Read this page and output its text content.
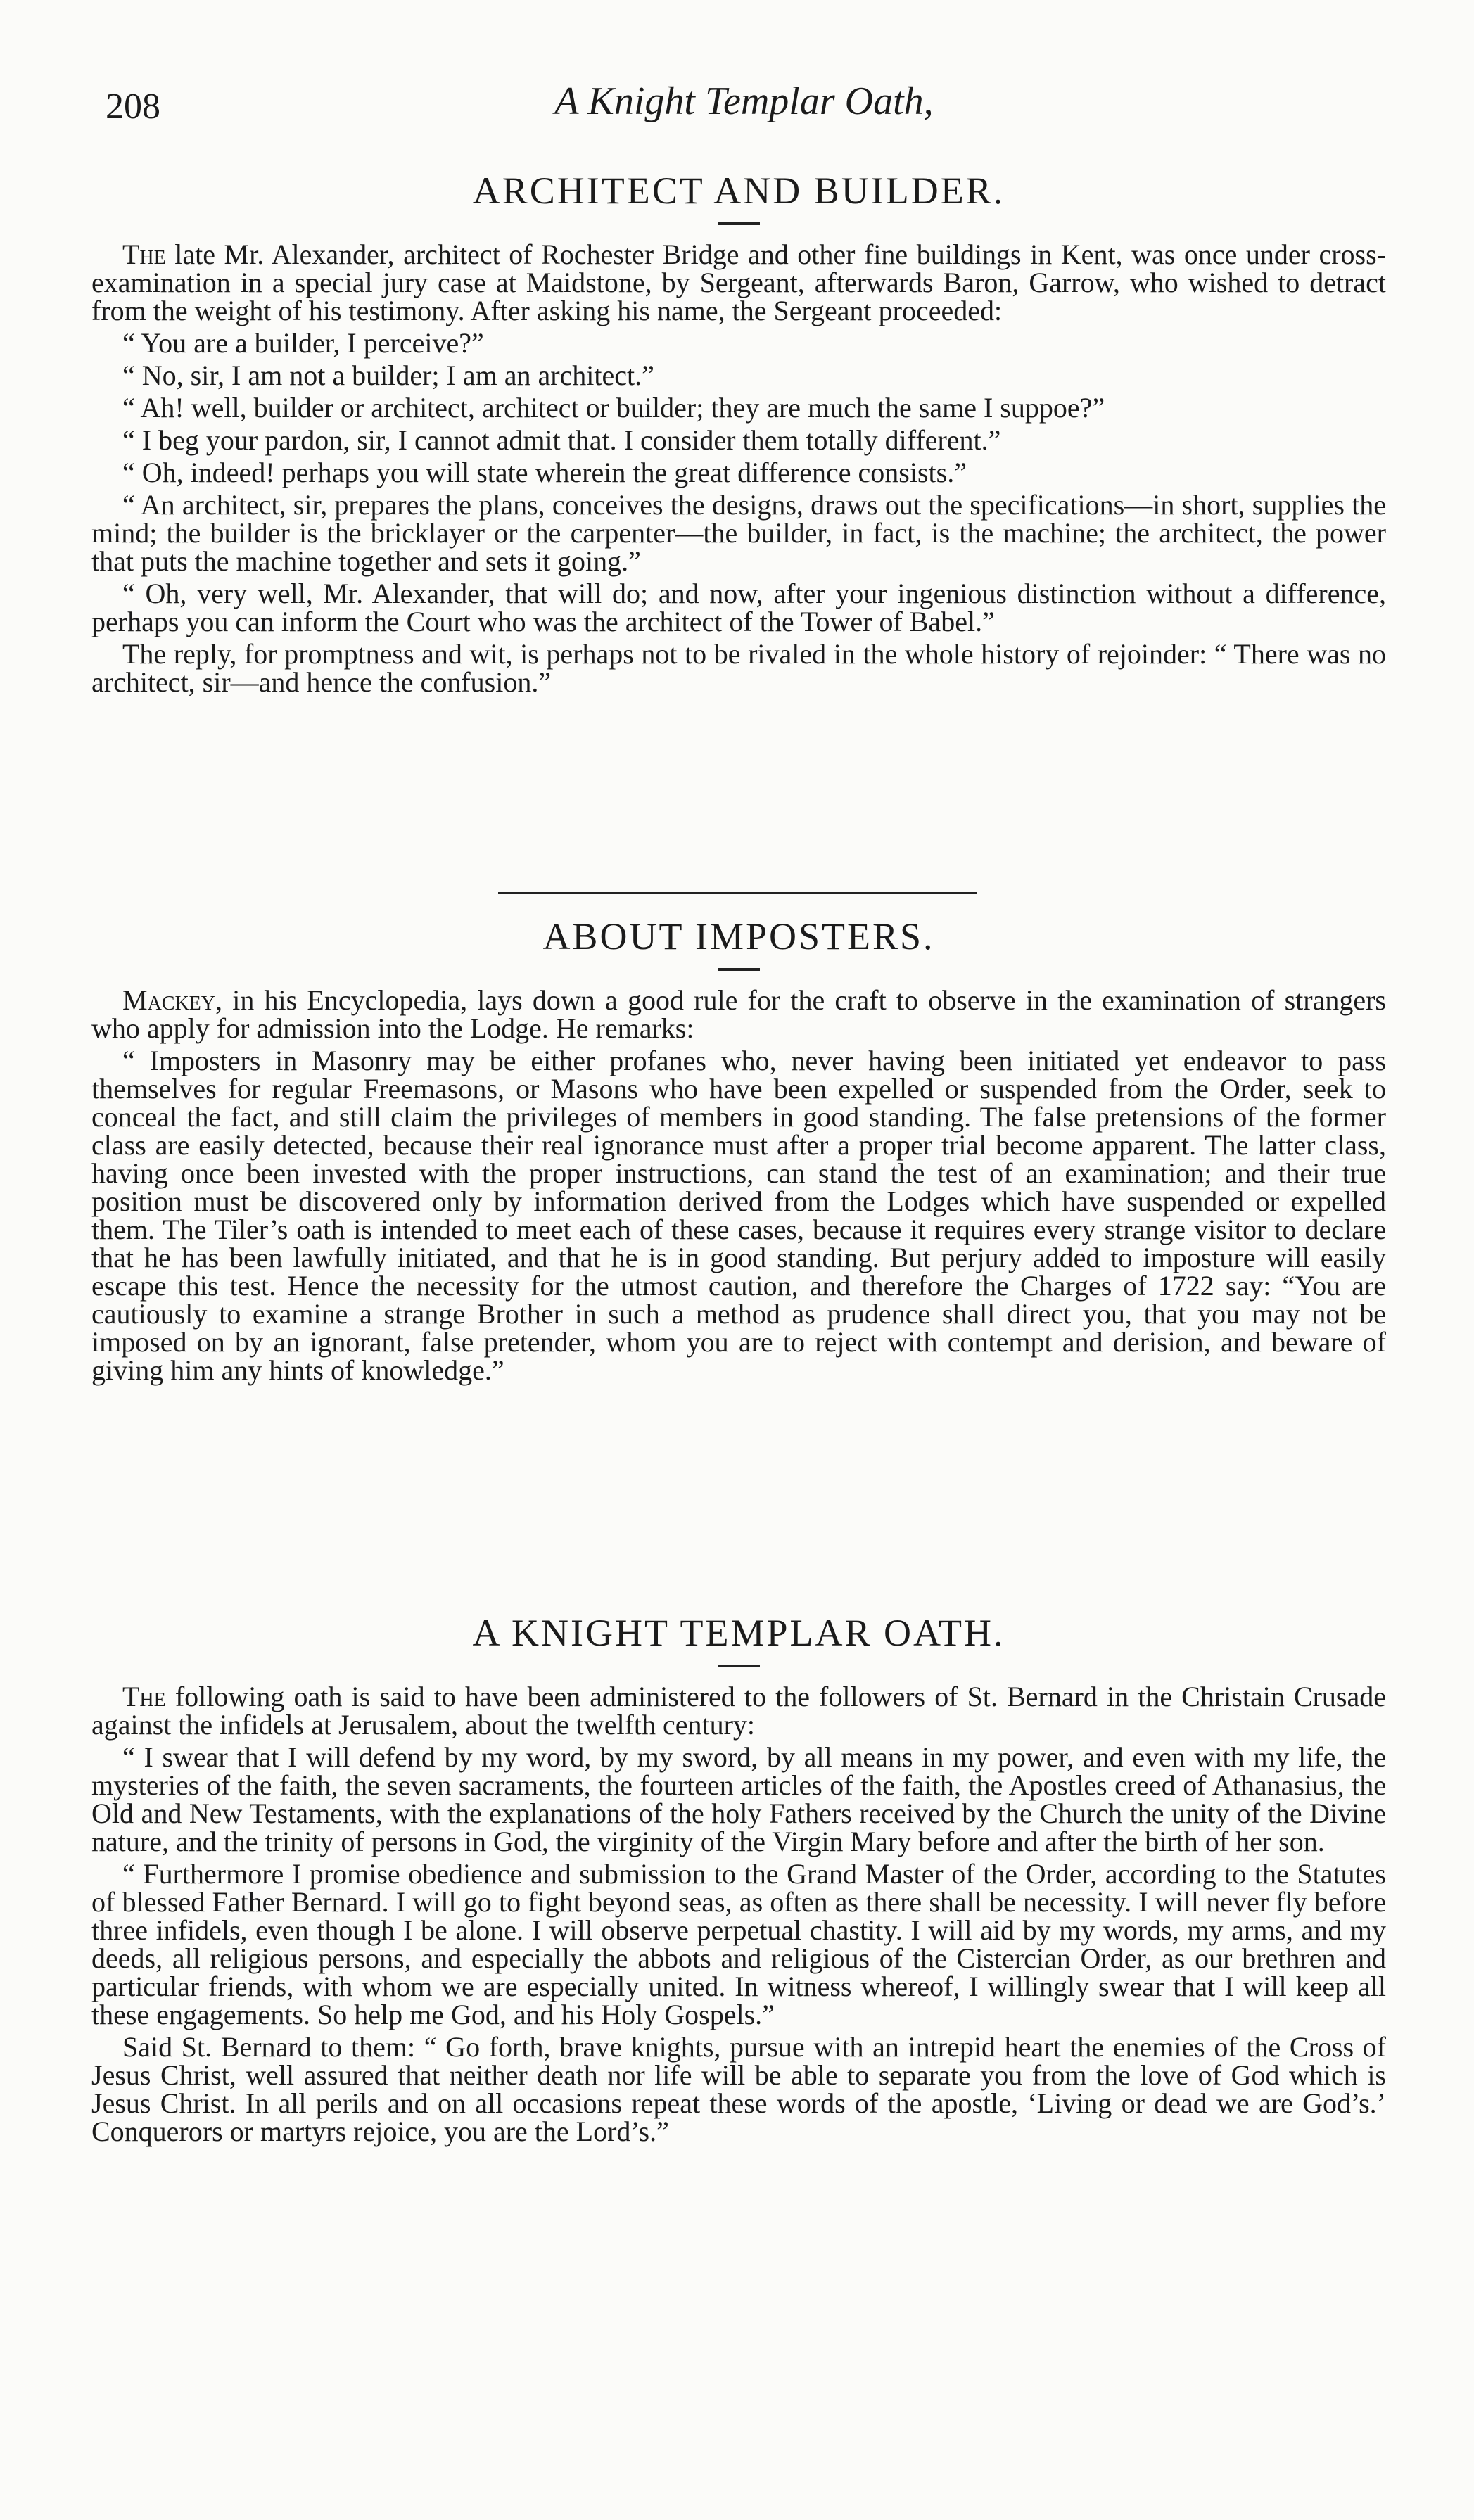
208	A Knight Templar Oath,
ARCHITECT AND BUILDER.

The late Mr. Alexander, architect of Rochester Bridge and other fine buildings in Kent, was once under cross-examination in a special jury case at Maidstone, by Sergeant, afterwards Baron, Garrow, who wished to detract from the weight of his testimony. After asking his name, the Sergeant proceeded:

“ You are a builder, I perceive?”

“ No, sir, I am not a builder; I am an architect.”

“ Ah! well, builder or architect, architect or builder; they are much the same I suppoe?”

“ I beg your pardon, sir, I cannot admit that. I consider them totally different.”

“ Oh, indeed! perhaps you will state wherein the great difference consists.”

“ An architect, sir, prepares the plans, conceives the designs, draws out the specifications—in short, supplies the mind; the builder is the bricklayer or the carpenter—the builder, in fact, is the machine; the architect, the power that puts the machine together and sets it going.”

“ Oh, very well, Mr. Alexander, that will do; and now, after your ingenious distinction without a difference, perhaps you can inform the Court who was the architect of the Tower of Babel.”

The reply, for promptness and wit, is perhaps not to be rivaled in the whole history of rejoinder: “ There was no architect, sir—and hence the confusion.”

ABOUT IMPOSTERS.

Mackey, in his Encyclopedia, lays down a good rule for the craft to observe in the examination of strangers who apply for admission into the Lodge. He remarks:

“ Imposters in Masonry may be either profanes who, never having been initiated yet endeavor to pass themselves for regular Freemasons, or Masons who have been expelled or suspended from the Order, seek to conceal the fact, and still claim the privileges of members in good standing. The false pretensions of the former class are easily detected, because their real ignorance must after a proper trial become apparent. The latter class, having once been invested with the proper instructions, can stand the test of an examination; and their true position must be discovered only by information derived from the Lodges which have suspended or expelled them. The Tiler’s oath is intended to meet each of these cases, because it requires every strange visitor to declare that he has been lawfully initiated, and that he is in good standing. But perjury added to imposture will easily escape this test. Hence the necessity for the utmost caution, and therefore the Charges of 1722 say: “You are cautiously to examine a strange Brother in such a method as prudence shall direct you, that you may not be imposed on by an ignorant, false pretender, whom you are to reject with contempt and derision, and beware of giving him any hints of knowledge.”

A KNIGHT TEMPLAR OATH.

The following oath is said to have been administered to the followers of St. Bernard in the Christain Crusade against the infidels at Jerusalem, about the twelfth century:

“ I swear that I will defend by my word, by my sword, by all means in my power, and even with my life, the mysteries of the faith, the seven sacraments, the fourteen articles of the faith, the Apostles creed of Athanasius, the Old and New Testaments, with the explanations of the holy Fathers received by the Church the unity of the Divine nature, and the trinity of persons in God, the virginity of the Virgin Mary before and after the birth of her son.

“ Furthermore I promise obedience and submission to the Grand Master of the Order, according to the Statutes of blessed Father Bernard. I will go to fight beyond seas, as often as there shall be necessity. I will never fly before three infidels, even though I be alone. I will observe perpetual chastity. I will aid by my words, my arms, and my deeds, all religious persons, and especially the abbots and religious of the Cistercian Order, as our brethren and particular friends, with whom we are especially united. In witness whereof, I willingly swear that I will keep all these engagements. So help me God, and his Holy Gospels.”

Said St. Bernard to them: “ Go forth, brave knights, pursue with an intrepid heart the enemies of the Cross of Jesus Christ, well assured that neither death nor life will be able to separate you from the love of God which is Jesus Christ. In all perils and on all occasions repeat these words of the apostle, ‘Living or dead we are God’s.’ Conquerors or martyrs rejoice, you are the Lord’s.”
